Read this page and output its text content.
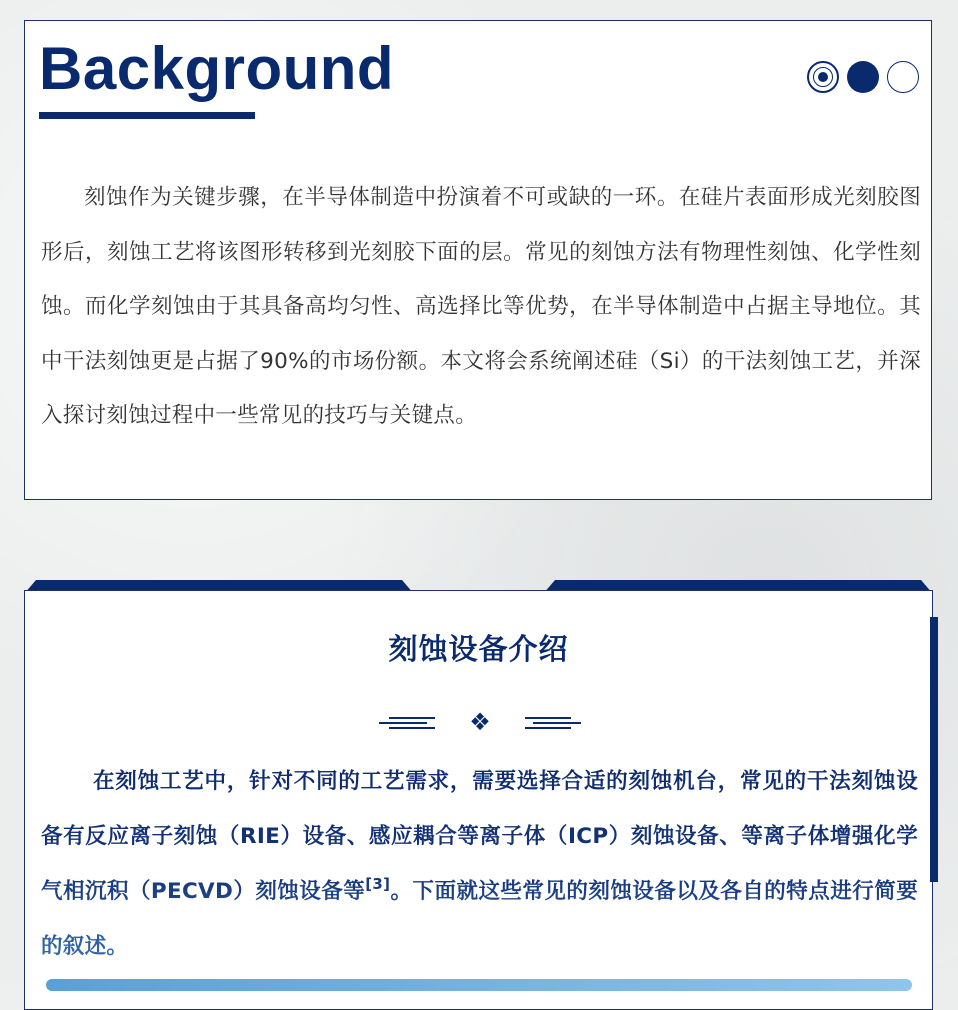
Background

刻蚀作为关键步骤，在半导体制造中扮演着不可或缺的一环。在硅片表面形成光刻胶图形后，刻蚀工艺将该图形转移到光刻胶下面的层。常见的刻蚀方法有物理性刻蚀、化学性刻蚀。而化学刻蚀由于其具备高均匀性、高选择比等优势，在半导体制造中占据主导地位。其中干法刻蚀更是占据了90%的市场份额。本文将会系统阐述硅（Si）的干法刻蚀工艺，并深入探讨刻蚀过程中一些常见的技巧与关键点。

刻蚀设备介绍
❖

在刻蚀工艺中，针对不同的工艺需求，需要选择合适的刻蚀机台，常见的干法刻蚀设备有反应离子刻蚀（RIE）设备、感应耦合等离子体（ICP）刻蚀设备、等离子体增强化学气相沉积（PECVD）刻蚀设备等[3]。下面就这些常见的刻蚀设备以及各自的特点进行简要的叙述。
